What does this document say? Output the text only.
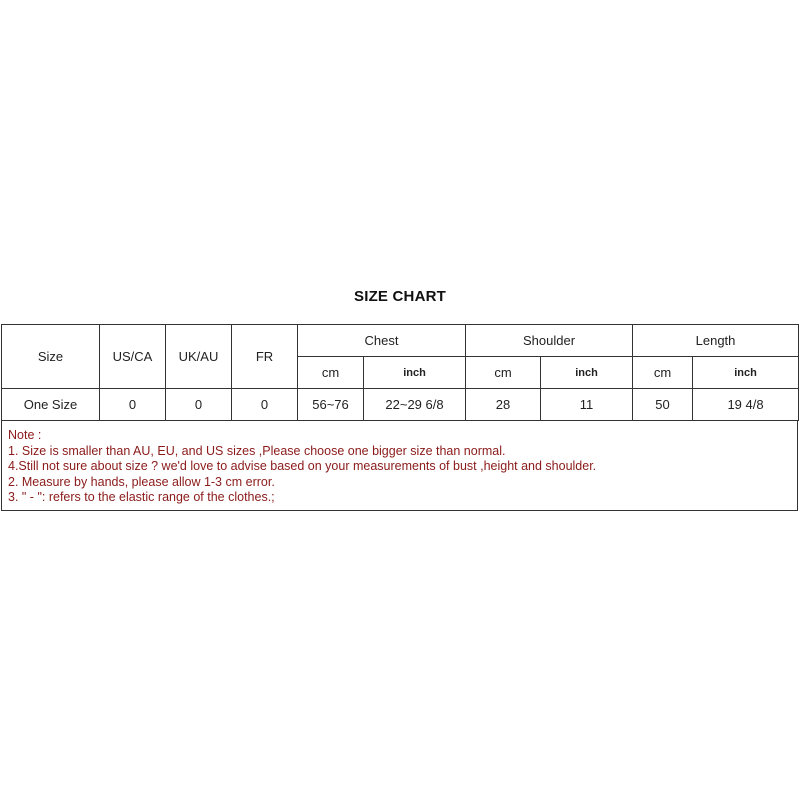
SIZE CHART
Size	US/CA	UK/AU	FR	Chest		Shoulder		Length	
				cm	inch	cm	inch	cm	inch
One Size	0	0	0	56~76	22~29 6/8	28	11	50	19 4/8
Note :
1. Size is smaller than AU, EU, and US sizes ,Please choose one bigger size than normal.
4.Still not sure about size ? we'd love to advise based on your measurements of bust ,height and shoulder.
2. Measure by hands, please allow 1-3 cm error.
3. " - ": refers to the elastic range of the clothes.;
